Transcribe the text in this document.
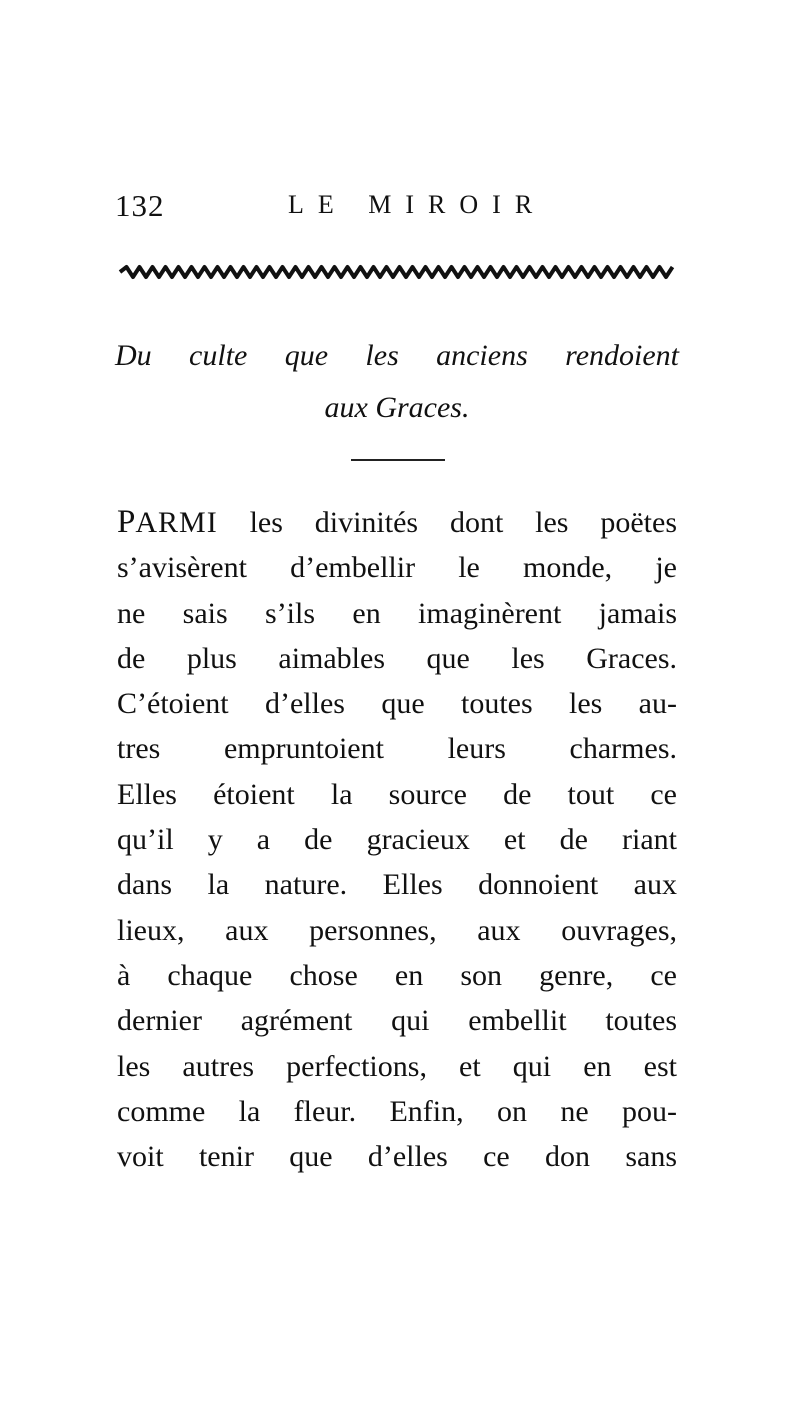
132	LE MIROIR
Du culte que les anciens rendoient
aux Graces.
PARMI les divinités dont les poëtes
s’avisèrent d’embellir le monde, je
ne sais s’ils en imaginèrent jamais
de plus aimables que les Graces.
C’étoient d’elles que toutes les au-
tres empruntoient leurs charmes.
Elles étoient la source de tout ce
qu’il y a de gracieux et de riant
dans la nature. Elles donnoient aux
lieux, aux personnes, aux ouvrages,
à chaque chose en son genre, ce
dernier agrément qui embellit toutes
les autres perfections, et qui en est
comme la fleur. Enfin, on ne pou-
voit tenir que d’elles ce don sans
